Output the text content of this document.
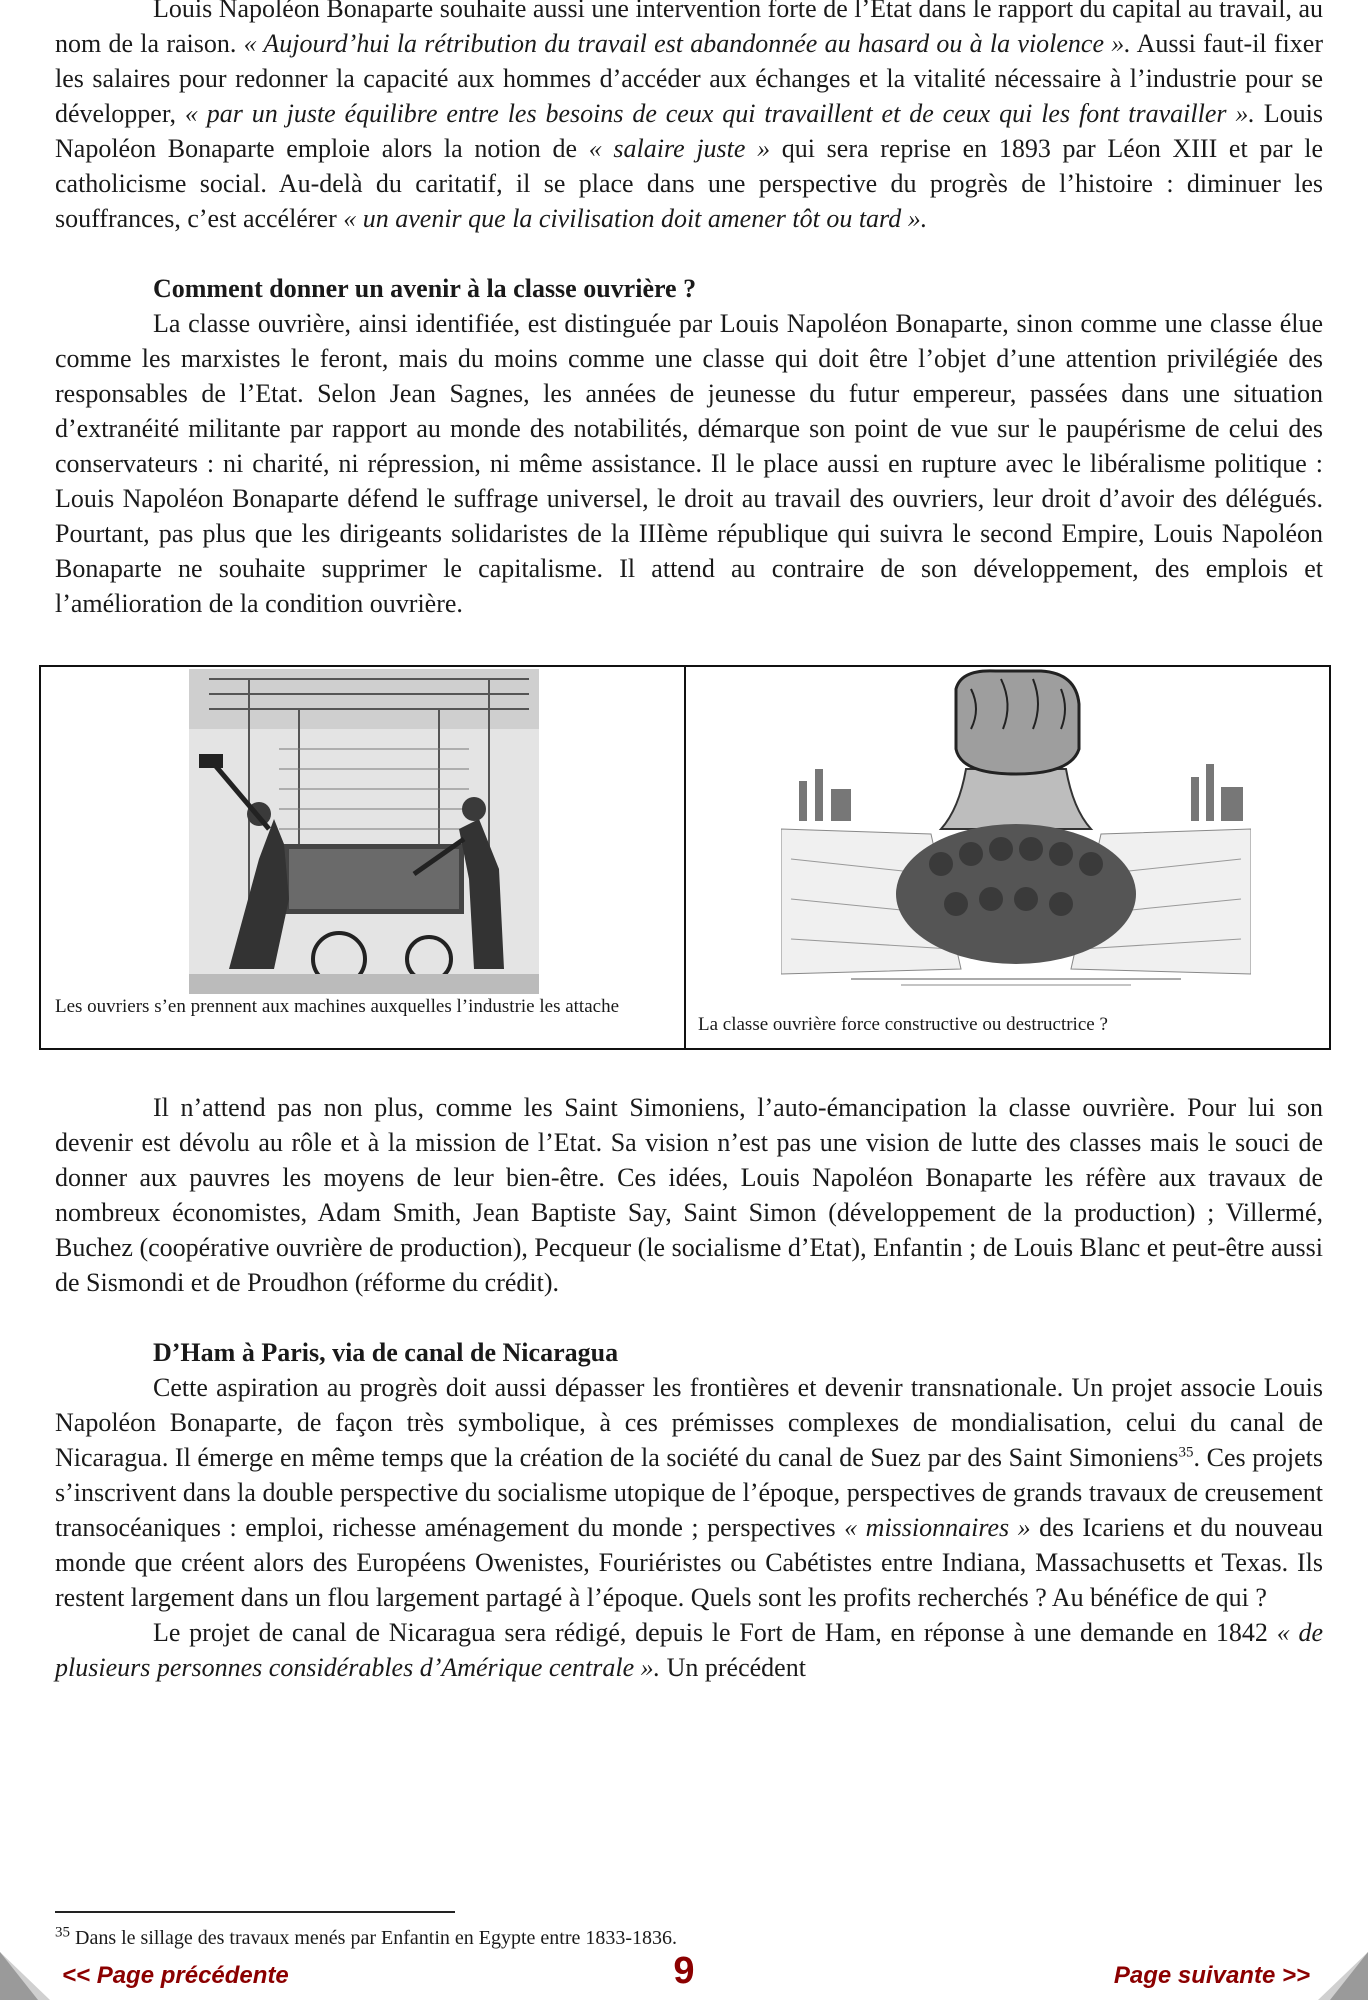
Louis Napoléon Bonaparte souhaite aussi une intervention forte de l’Etat dans le rapport du capital au travail, au nom de la raison. « Aujourd’hui la rétribution du travail est abandonnée au hasard ou à la violence ». Aussi faut-il fixer les salaires pour redonner la capacité aux hommes d’accéder aux échanges et la vitalité nécessaire à l’industrie pour se développer, « par un juste équilibre entre les besoins de ceux qui travaillent et de ceux qui les font travailler ». Louis Napoléon Bonaparte emploie alors la notion de « salaire juste » qui sera reprise en 1893 par Léon XIII et par le catholicisme social. Au-delà du caritatif, il se place dans une perspective du progrès de l’histoire : diminuer les souffrances, c’est accélérer « un avenir que la civilisation doit amener tôt ou tard ».

Comment donner un avenir à la classe ouvrière ?

La classe ouvrière, ainsi identifiée, est distinguée par Louis Napoléon Bonaparte, sinon comme une classe élue comme les marxistes le feront, mais du moins comme une classe qui doit être l’objet d’une attention privilégiée des responsables de l’Etat. Selon Jean Sagnes, les années de jeunesse du futur empereur, passées dans une situation d’extranéité militante par rapport au monde des notabilités, démarque son point de vue sur le paupérisme de celui des conservateurs : ni charité, ni répression, ni même assistance. Il le place aussi en rupture avec le libéralisme politique : Louis Napoléon Bonaparte défend le suffrage universel, le droit au travail des ouvriers, leur droit d’avoir des délégués. Pourtant, pas plus que les dirigeants solidaristes de la IIIème république qui suivra le second Empire, Louis Napoléon Bonaparte ne souhaite supprimer le capitalisme. Il attend au contraire de son développement, des emplois et l’amélioration de la condition ouvrière.

Les ouvriers s’en prennent aux machines auxquelles l’industrie les attache
La classe ouvrière force constructive ou destructrice ?

Il n’attend pas non plus, comme les Saint Simoniens, l’auto-émancipation la classe ouvrière. Pour lui son devenir est dévolu au rôle et à la mission de l’Etat. Sa vision n’est pas une vision de lutte des classes mais le souci de donner aux pauvres les moyens de leur bien-être. Ces idées, Louis Napoléon Bonaparte les réfère aux travaux de nombreux économistes, Adam Smith, Jean Baptiste Say, Saint Simon (développement de la production) ; Villermé, Buchez (coopérative ouvrière de production), Pecqueur (le socialisme d’Etat), Enfantin ; de Louis Blanc et peut-être aussi de Sismondi et de Proudhon (réforme du crédit).

D’Ham à Paris, via de canal de Nicaragua

Cette aspiration au progrès doit aussi dépasser les frontières et devenir transnationale. Un projet associe Louis Napoléon Bonaparte, de façon très symbolique, à ces prémisses complexes de mondialisation, celui du canal de Nicaragua. Il émerge en même temps que la création de la société du canal de Suez par des Saint Simoniens$^{35}$. Ces projets s’inscrivent dans la double perspective du socialisme utopique de l’époque, perspectives de grands travaux de creusement transocéaniques : emploi, richesse aménagement du monde ; perspectives « missionnaires » des Icariens et du nouveau monde que créent alors des Européens Owenistes, Fouriéristes ou Cabétistes entre Indiana, Massachusetts et Texas. Ils restent largement dans un flou largement partagé à l’époque. Quels sont les profits recherchés ? Au bénéfice de qui ?

Le projet de canal de Nicaragua sera rédigé, depuis le Fort de Ham, en réponse à une demande en 1842 « de plusieurs personnes considérables d’Amérique centrale ». Un précédent

$^{35}$ Dans le sillage des travaux menés par Enfantin en Egypte entre 1833-1836.
<< Page précédente	9	Page suivante >>
